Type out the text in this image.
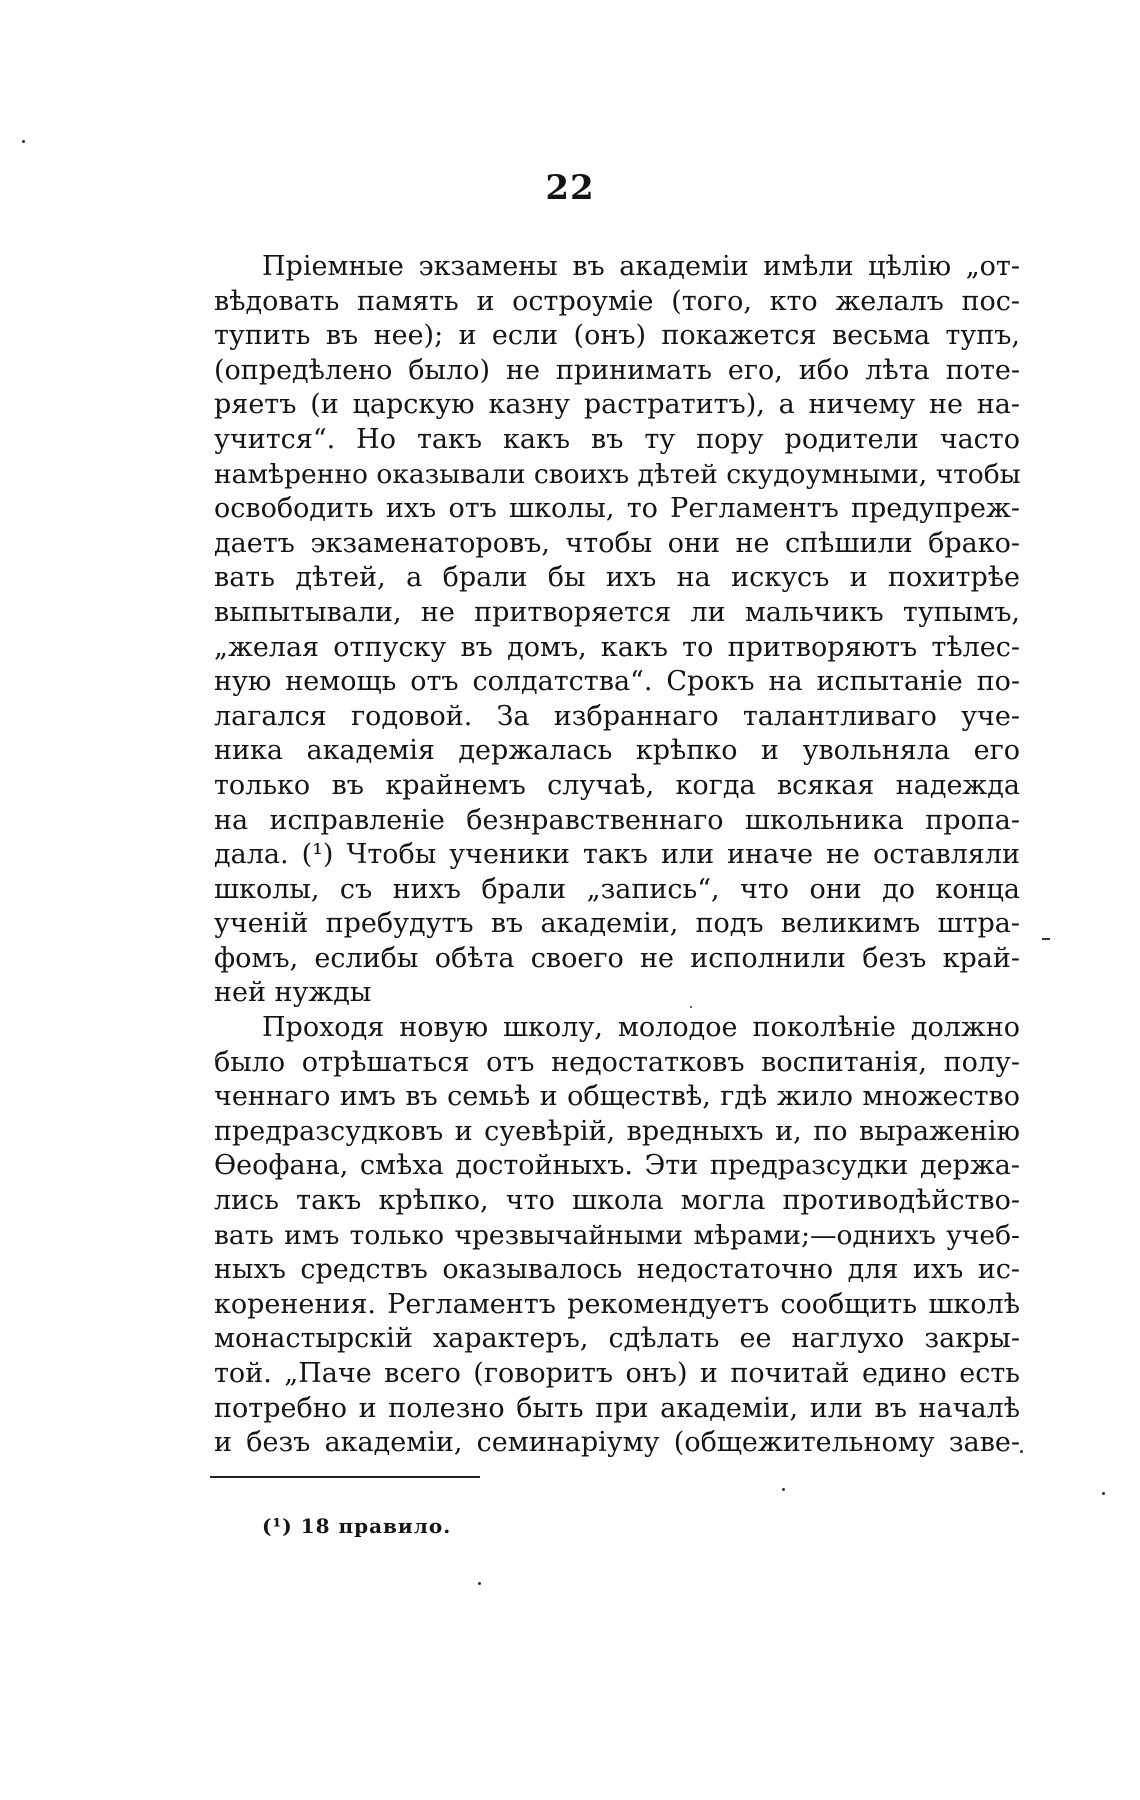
22
Пріемные экзамены въ академіи имѣли цѣлію „от-
вѣдовать память и остроуміе (того, кто желалъ пос-
тупить въ нее); и если (онъ) покажется весьма тупъ,
(опредѣлено было) не принимать его, ибо лѣта поте-
ряетъ (и царскую казну растратитъ), а ничему не на-
учится“. Но такъ какъ въ ту пору родители часто
намѣренно оказывали своихъ дѣтей скудоумными, чтобы
освободить ихъ отъ школы, то Регламентъ предупреж-
даетъ экзаменаторовъ, чтобы они не спѣшили брако-
вать дѣтей, а брали бы ихъ на искусъ и похитрѣе
выпытывали, не притворяется ли мальчикъ тупымъ,
„желая отпуску въ домъ, какъ то притворяютъ тѣлес-
ную немощь отъ солдатства“. Срокъ на испытаніе по-
лагался годовой. За избраннаго талантливаго уче-
ника академія держалась крѣпко и увольняла его
только въ крайнемъ случаѣ, когда всякая надежда
на исправленіе безнравственнаго школьника пропа-
дала. (¹) Чтобы ученики такъ или иначе не оставляли
школы, съ нихъ брали „запись“, что они до конца
ученій пребудутъ въ академіи, подъ великимъ штра-
фомъ, еслибы обѣта своего не исполнили безъ край-
ней нужды
Проходя новую школу, молодое поколѣніе должно
было отрѣшаться отъ недостатковъ воспитанія, полу-
ченнаго имъ въ семьѣ и обществѣ, гдѣ жило множество
предразсудковъ и суевѣрій, вредныхъ и, по выраженію
Ѳеофана, смѣха достойныхъ. Эти предразсудки держа-
лись такъ крѣпко, что школа могла противодѣйство-
вать имъ только чрезвычайными мѣрами;—однихъ учеб-
ныхъ средствъ оказывалось недостаточно для ихъ ис-
коренения. Регламентъ рекомендуетъ сообщить школѣ
монастырскій характеръ, сдѣлать ее наглухо закры-
той. „Паче всего (говоритъ онъ) и почитай едино есть
потребно и полезно быть при академіи, или въ началѣ
и безъ академіи, семинаріуму (общежительному заве-
(¹) 18 правило.
